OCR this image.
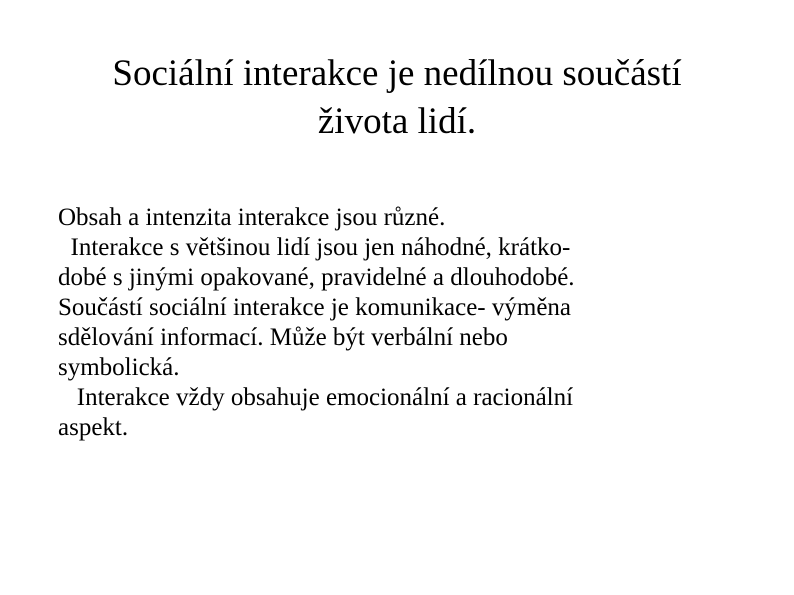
Sociální interakce je nedílnou součástí
života lidí.
Obsah a intenzita interakce jsou různé.
Interakce s většinou lidí jsou jen náhodné, krátko-
dobé s jinými opakované, pravidelné a dlouhodobé.
Součástí sociální interakce je komunikace- výměna
sdělování informací. Může být verbální nebo
symbolická.
Interakce vždy obsahuje emocionální a racionální
aspekt.
